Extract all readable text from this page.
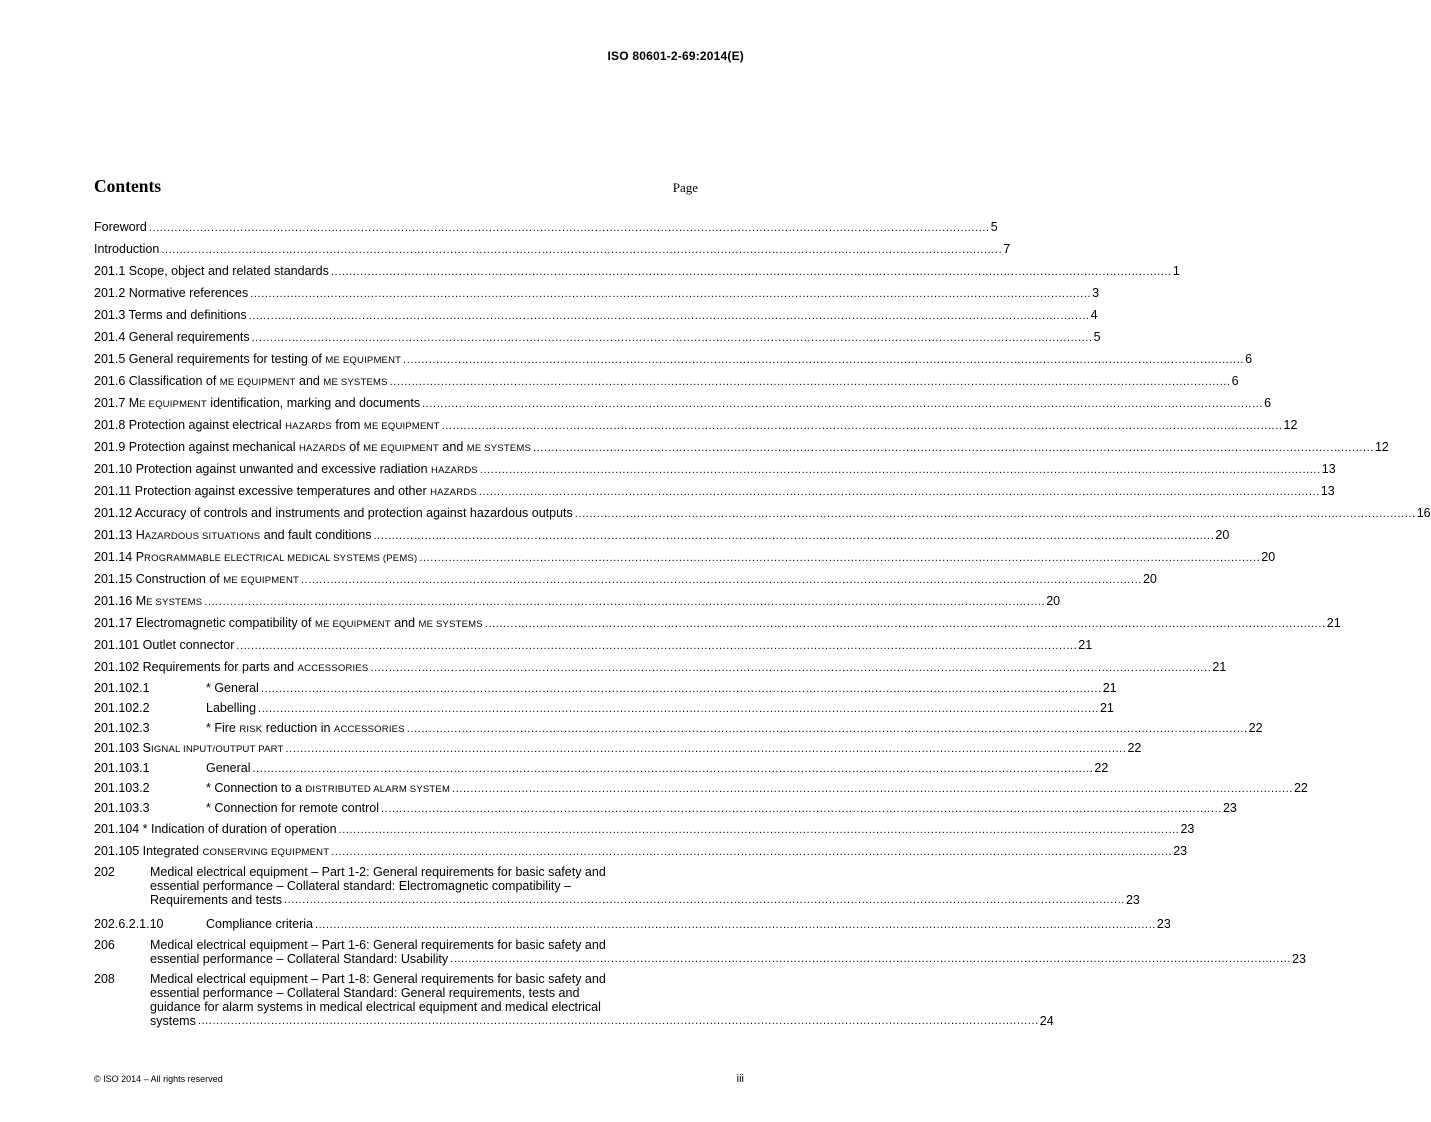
ISO 80601-2-69:2014(E)
Contents	Page
Foreword .....	5
Introduction .....	7
201.1 Scope, object and related standards .....	1
201.2 Normative references .....	3
201.3 Terms and definitions .....	4
201.4 General requirements .....	5
201.5 General requirements for testing of ME EQUIPMENT .....	6
201.6 Classification of ME EQUIPMENT and ME SYSTEMS .....	6
201.7 ME EQUIPMENT identification, marking and documents .....	6
201.8 Protection against electrical HAZARDS from ME EQUIPMENT .....	12
201.9 Protection against mechanical HAZARDS of ME EQUIPMENT and ME SYSTEMS .....	12
201.10 Protection against unwanted and excessive radiation HAZARDS .....	13
201.11 Protection against excessive temperatures and other HAZARDS .....	13
201.12 Accuracy of controls and instruments and protection against hazardous outputs .....	16
201.13 HAZARDOUS SITUATIONS and fault conditions .....	20
201.14 PROGRAMMABLE ELECTRICAL MEDICAL SYSTEMS (PEMS) .....	20
201.15 Construction of ME EQUIPMENT .....	20
201.16 ME SYSTEMS .....	20
201.17 Electromagnetic compatibility of ME EQUIPMENT and ME SYSTEMS .....	21
201.101 Outlet connector .....	21
201.102 Requirements for parts and ACCESSORIES .....	21
201.102.1	* General .....	21
201.102.2	Labelling .....	21
201.102.3	* Fire RISK reduction in ACCESSORIES .....	22
201.103 SIGNAL INPUT/OUTPUT PART .....	22
201.103.1	General .....	22
201.103.2	* Connection to a DISTRIBUTED ALARM SYSTEM .....	22
201.103.3	* Connection for remote control .....	23
201.104 * Indication of duration of operation .....	23
201.105 Integrated CONSERVING EQUIPMENT .....	23
202	Medical electrical equipment – Part 1-2: General requirements for basic safety and
essential performance – Collateral standard: Electromagnetic compatibility –
Requirements and tests .....	23
202.6.2.1.10	Compliance criteria .....	23
206	Medical electrical equipment – Part 1-6: General requirements for basic safety and
essential performance – Collateral Standard: Usability .....	23
208	Medical electrical equipment – Part 1-8: General requirements for basic safety and
essential performance – Collateral Standard: General requirements, tests and
guidance for alarm systems in medical electrical equipment and medical electrical
systems .....	24
© ISO 2014 – All rights reserved	iii
